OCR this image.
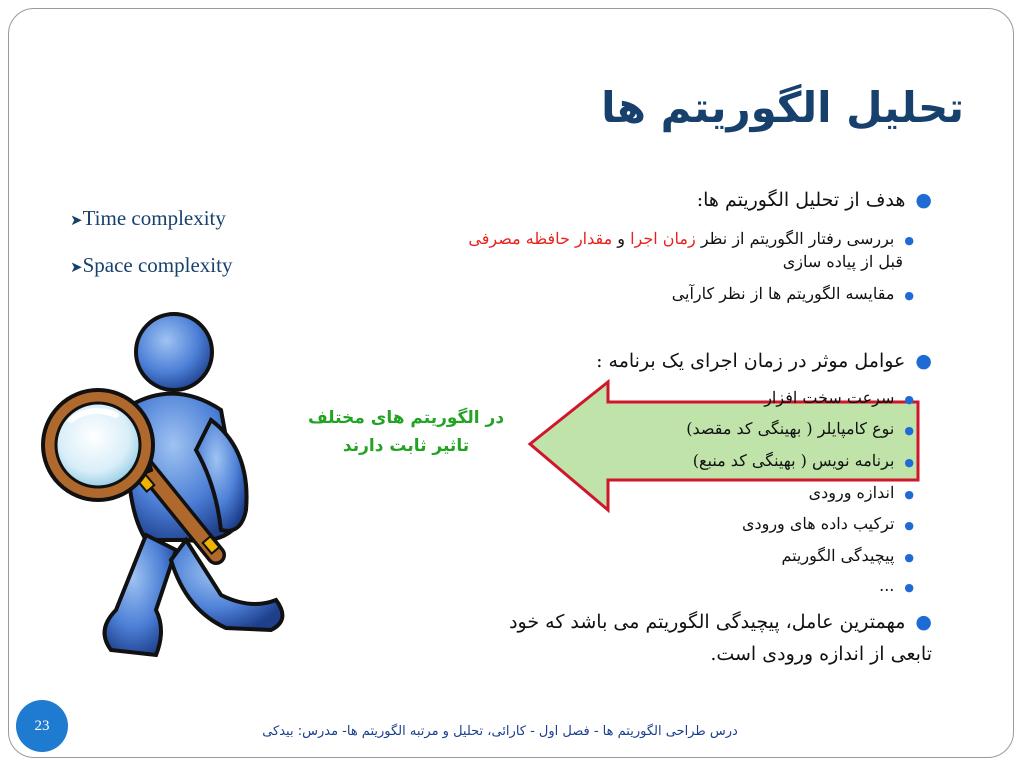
تحلیل الگوریتم ها
➤Time complexity
➤Space complexity
●هدف از تحلیل الگوریتم ها:
●بررسی رفتار الگوریتم از نظر زمان اجرا و مقدار حافظه مصرفی
قبل از پیاده سازی
●مقایسه الگوریتم ها از نظر کارآیی
●عوامل موثر در زمان اجرای یک برنامه :
●سرعت سخت افزار
●نوع کامپایلر ( بهینگی کد مقصد)
●برنامه نویس ( بهینگی کد منبع)
●اندازه ورودی
●ترکیب داده های ورودی
●پیچیدگی الگوریتم
●...
در الگوریتم های مختلف
تاثیر ثابت دارند
●مهمترین عامل، پیچیدگی الگوریتم می باشد که خود
تابعی از اندازه ورودی است.
23	درس طراحی الگوریتم ها - فصل اول - کارائی، تحلیل و مرتبه الگوریتم ها- مدرس: بیدکی
